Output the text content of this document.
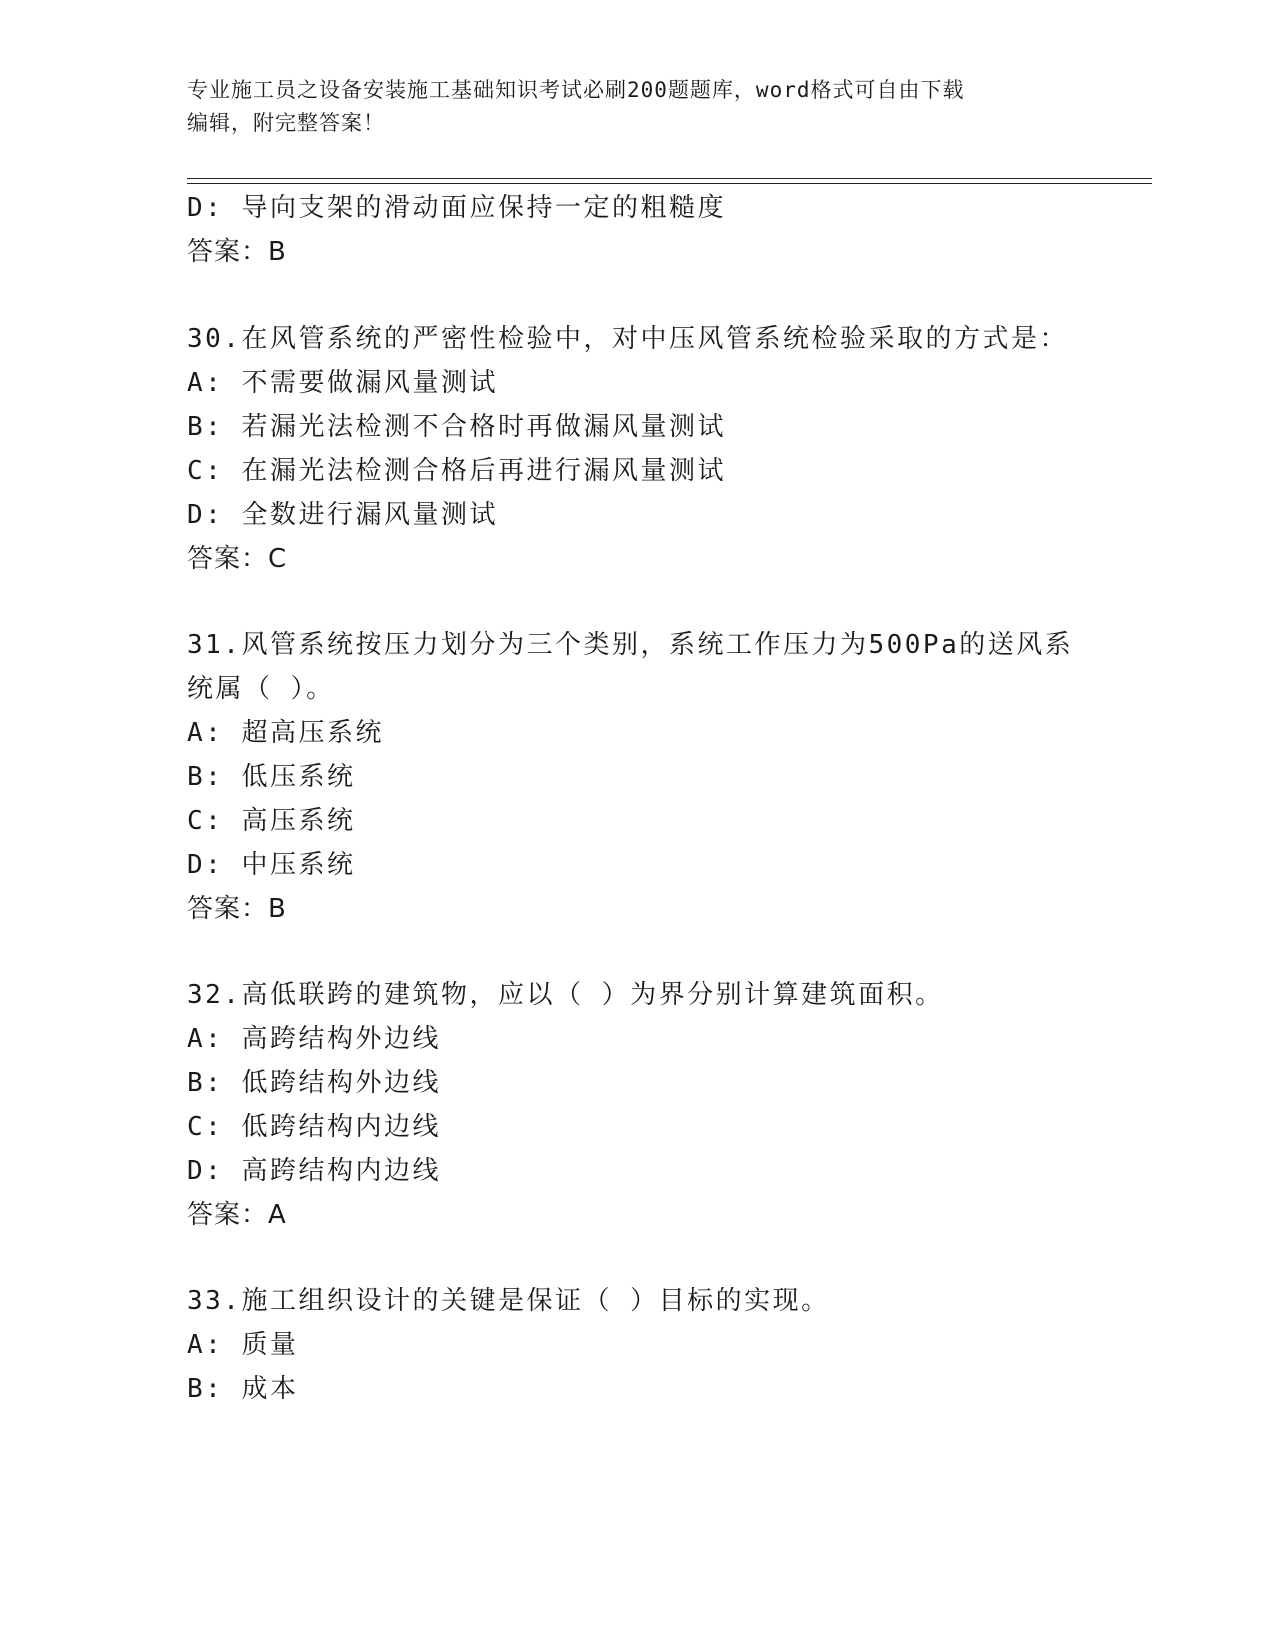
专业施工员之设备安装施工基础知识考试必刷200题题库，word格式可自由下载
编辑，附完整答案！
D: 导向支架的滑动面应保持一定的粗糙度
答案：B
30.在风管系统的严密性检验中，对中压风管系统检验采取的方式是：
A: 不需要做漏风量测试
B: 若漏光法检测不合格时再做漏风量测试
C: 在漏光法检测合格后再进行漏风量测试
D: 全数进行漏风量测试
答案：C
31.风管系统按压力划分为三个类别，系统工作压力为500Pa的送风系
统属（ ）。
A: 超高压系统
B: 低压系统
C: 高压系统
D: 中压系统
答案：B
32.高低联跨的建筑物，应以（ ）为界分别计算建筑面积。
A: 高跨结构外边线
B: 低跨结构外边线
C: 低跨结构内边线
D: 高跨结构内边线
答案：A
33.施工组织设计的关键是保证（ ）目标的实现。
A: 质量
B: 成本
